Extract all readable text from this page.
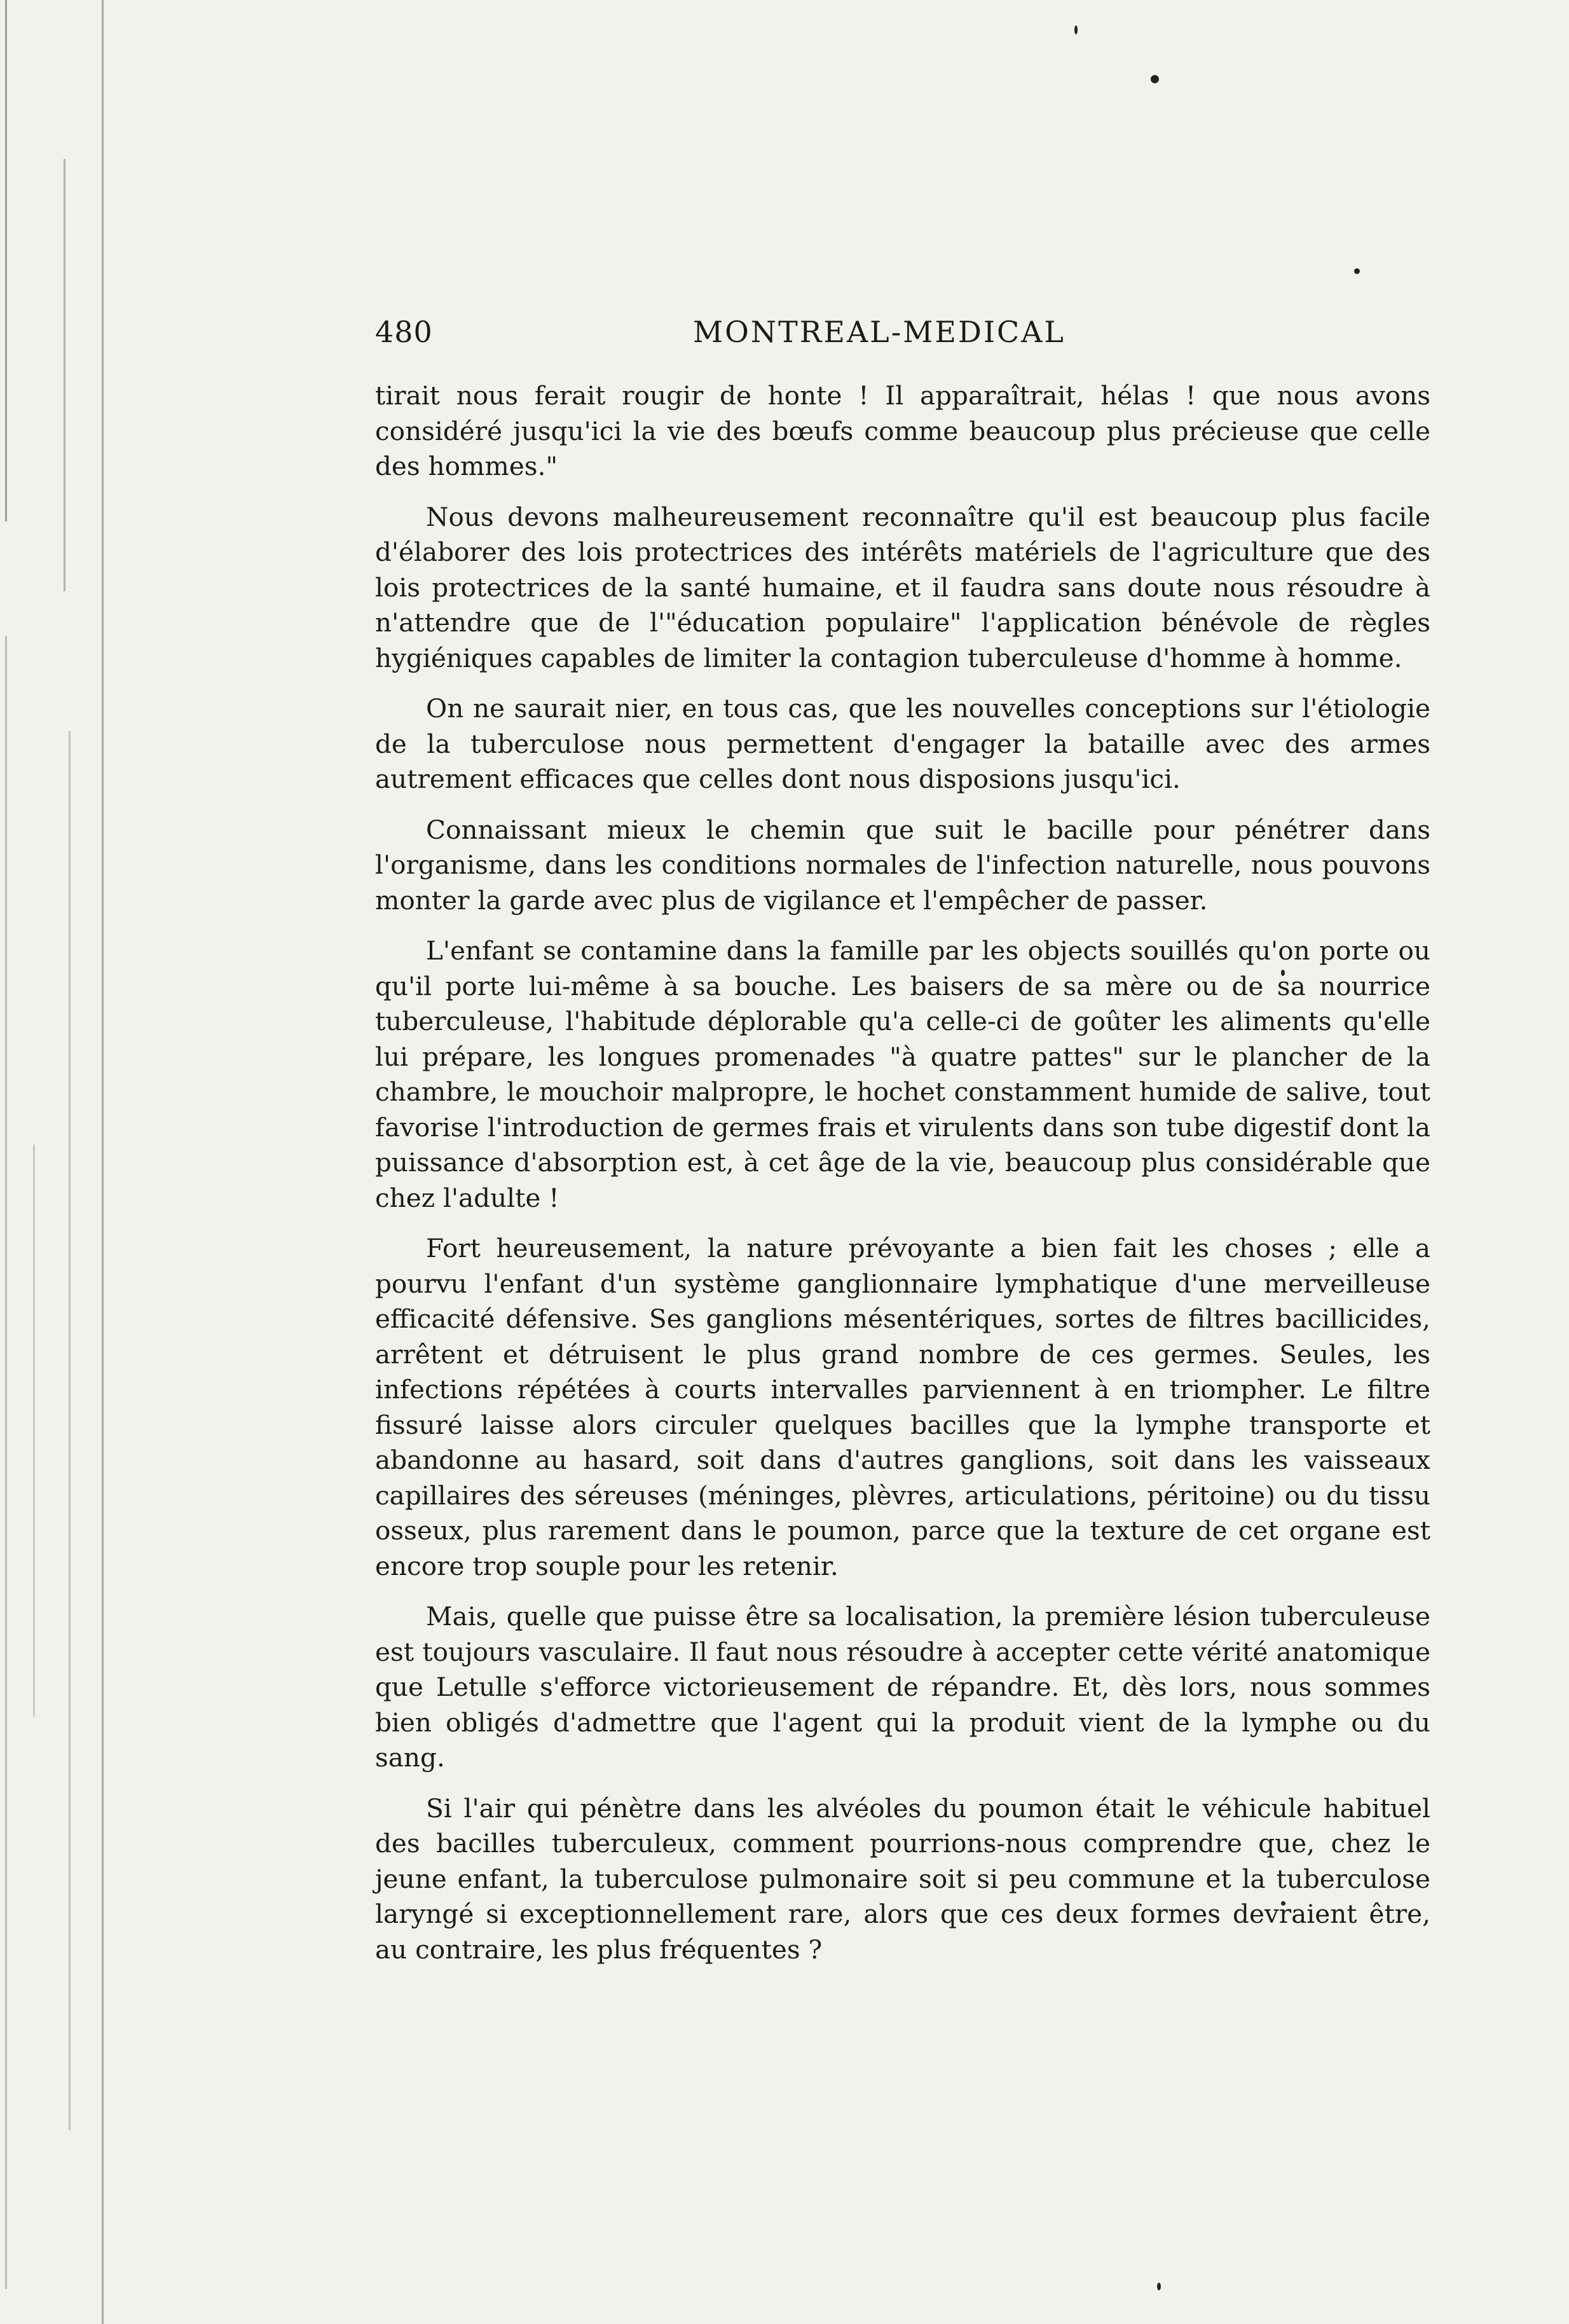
480	MONTREAL-MEDICAL

tirait nous ferait rougir de honte ! Il apparaîtrait, hélas ! que nous avons considéré jusqu'ici la vie des bœufs comme beaucoup plus précieuse que celle des hommes."

Nous devons malheureusement reconnaître qu'il est beaucoup plus facile d'élaborer des lois protectrices des intérêts matériels de l'agriculture que des lois protectrices de la santé humaine, et il faudra sans doute nous résoudre à n'attendre que de l'"éducation populaire" l'application bénévole de règles hygiéniques capables de limiter la contagion tuberculeuse d'homme à homme.

On ne saurait nier, en tous cas, que les nouvelles conceptions sur l'étiologie de la tuberculose nous permettent d'engager la bataille avec des armes autrement efficaces que celles dont nous disposions jusqu'ici.

Connaissant mieux le chemin que suit le bacille pour pénétrer dans l'organisme, dans les conditions normales de l'infection naturelle, nous pouvons monter la garde avec plus de vigilance et l'empêcher de passer.

L'enfant se contamine dans la famille par les objects souillés qu'on porte ou qu'il porte lui-même à sa bouche. Les baisers de sa mère ou de sa nourrice tuberculeuse, l'habitude déplorable qu'a celle-ci de goûter les aliments qu'elle lui prépare, les longues promenades "à quatre pattes" sur le plancher de la chambre, le mouchoir malpropre, le hochet constamment humide de salive, tout favorise l'introduction de germes frais et virulents dans son tube digestif dont la puissance d'absorption est, à cet âge de la vie, beaucoup plus considérable que chez l'adulte !

Fort heureusement, la nature prévoyante a bien fait les choses ; elle a pourvu l'enfant d'un système ganglionnaire lymphatique d'une merveilleuse efficacité défensive. Ses ganglions mésentériques, sortes de filtres bacillicides, arrêtent et détruisent le plus grand nombre de ces germes. Seules, les infections répétées à courts intervalles parviennent à en triompher. Le filtre fissuré laisse alors circuler quelques bacilles que la lymphe transporte et abandonne au hasard, soit dans d'autres ganglions, soit dans les vaisseaux capillaires des séreuses (méninges, plèvres, articulations, péritoine) ou du tissu osseux, plus rarement dans le poumon, parce que la texture de cet organe est encore trop souple pour les retenir.

Mais, quelle que puisse être sa localisation, la première lésion tuberculeuse est toujours vasculaire. Il faut nous résoudre à accepter cette vérité anatomique que Letulle s'efforce victorieusement de répandre. Et, dès lors, nous sommes bien obligés d'admettre que l'agent qui la produit vient de la lymphe ou du sang.

Si l'air qui pénètre dans les alvéoles du poumon était le véhicule habituel des bacilles tuberculeux, comment pourrions-nous comprendre que, chez le jeune enfant, la tuberculose pulmonaire soit si peu commune et la tuberculose laryngé si exceptionnellement rare, alors que ces deux formes devraient être, au contraire, les plus fréquentes ?
